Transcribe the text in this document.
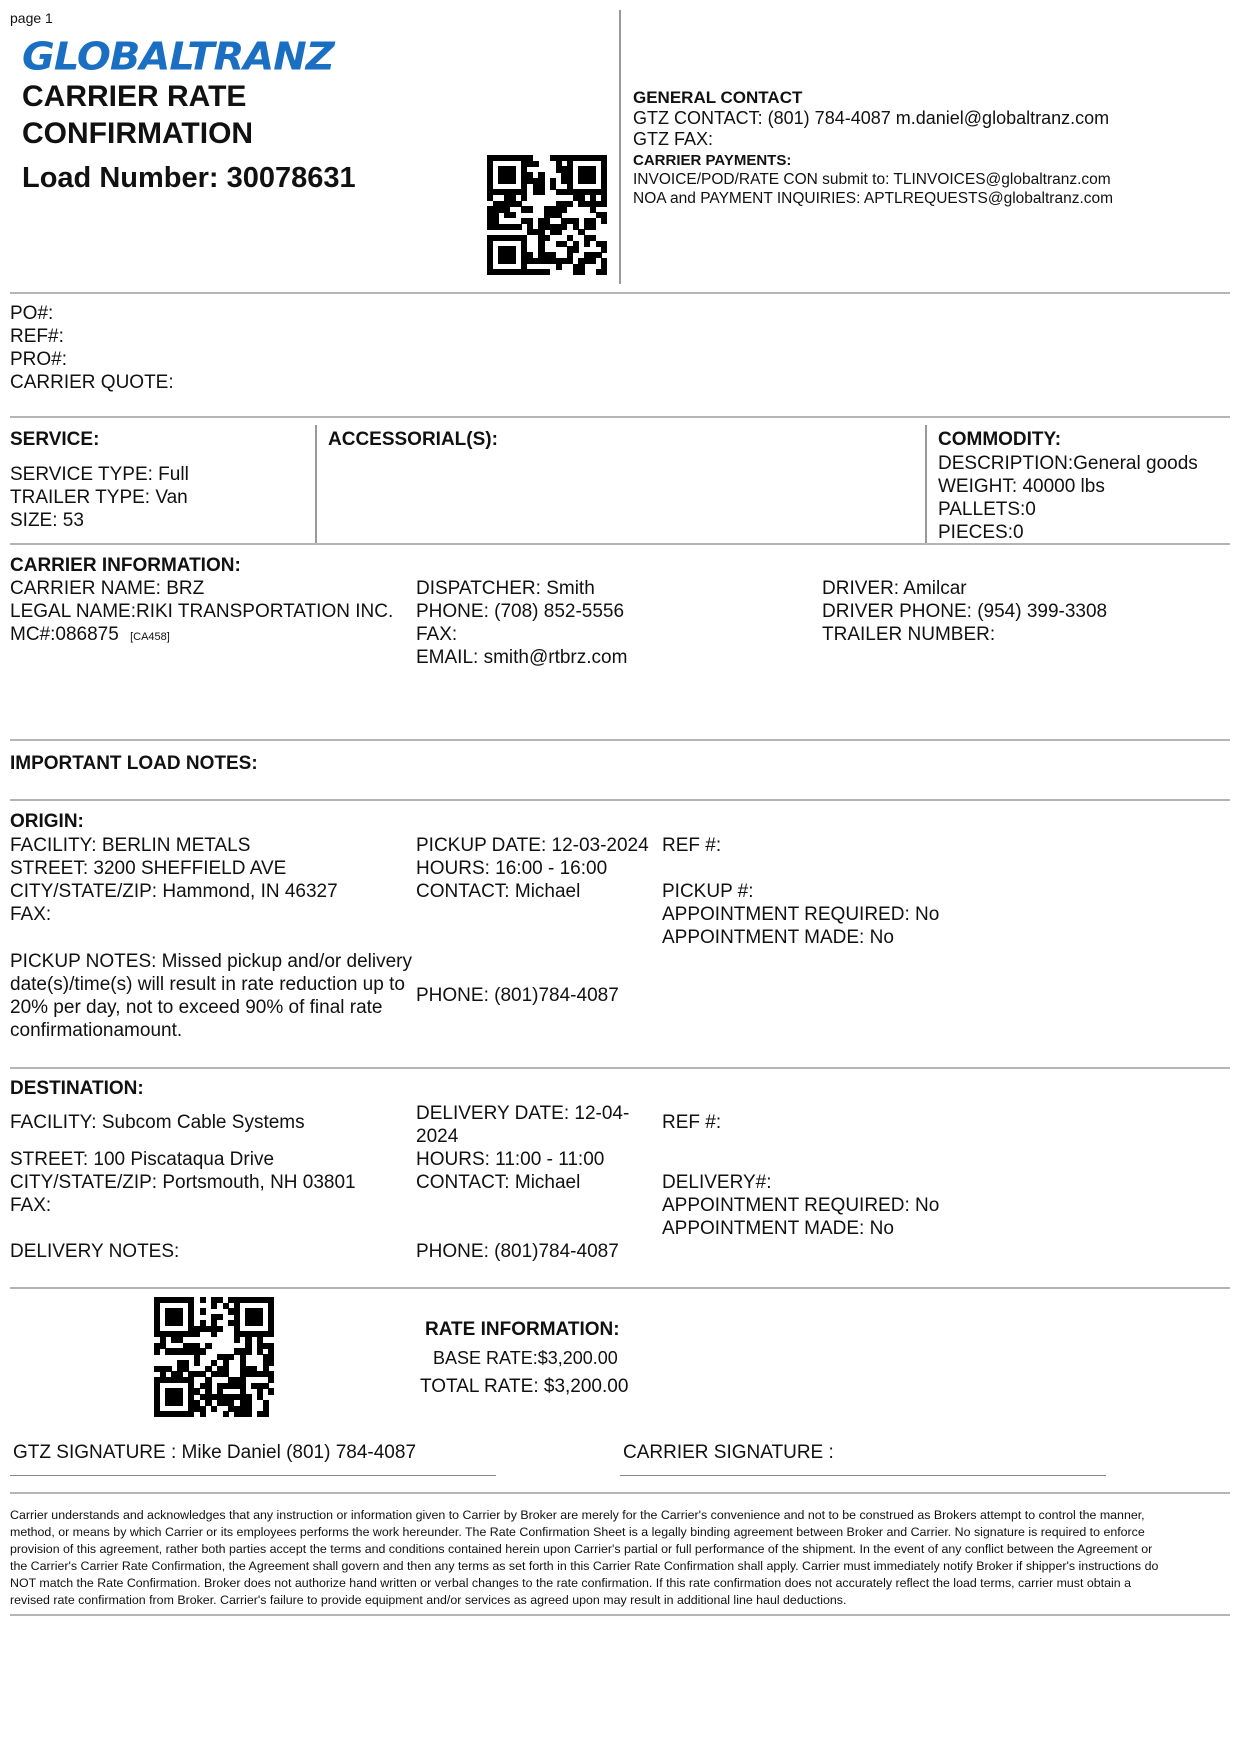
page 1
GLOBALTRANZ
CARRIER RATE
CONFIRMATION
Load Number: 30078631
GENERAL CONTACT
GTZ CONTACT: (801) 784-4087 m.daniel@globaltranz.com
GTZ FAX:
CARRIER PAYMENTS:
INVOICE/POD/RATE CON submit to: TLINVOICES@globaltranz.com
NOA and PAYMENT INQUIRIES: APTLREQUESTS@globaltranz.com
PO#:
REF#:
PRO#:
CARRIER QUOTE:
SERVICE:
SERVICE TYPE: Full
TRAILER TYPE: Van
SIZE: 53
ACCESSORIAL(S):	COMMODITY:
DESCRIPTION:General goods
WEIGHT: 40000 lbs
PALLETS:0
PIECES:0
CARRIER INFORMATION:
CARRIER NAME: BRZ
LEGAL NAME:RIKI TRANSPORTATION INC.
MC#:086875 [CA458]
DISPATCHER: Smith
PHONE: (708) 852-5556
FAX:
EMAIL: smith@rtbrz.com
DRIVER: Amilcar
DRIVER PHONE: (954) 399-3308
TRAILER NUMBER:
IMPORTANT LOAD NOTES:
ORIGIN:
FACILITY: BERLIN METALS
STREET: 3200 SHEFFIELD AVE
CITY/STATE/ZIP: Hammond, IN 46327
FAX:
PICKUP NOTES: Missed pickup and/or delivery
date(s)/time(s) will result in rate reduction up to
20% per day, not to exceed 90% of final rate
confirmationamount.
PICKUP DATE: 12-03-2024
HOURS: 16:00 - 16:00
CONTACT: Michael
PHONE: (801)784-4087
REF #:
PICKUP #:
APPOINTMENT REQUIRED: No
APPOINTMENT MADE: No
DESTINATION:
FACILITY: Subcom Cable Systems
STREET: 100 Piscataqua Drive
CITY/STATE/ZIP: Portsmouth, NH 03801
FAX:
DELIVERY NOTES:
DELIVERY DATE: 12-04-
2024
HOURS: 11:00 - 11:00
CONTACT: Michael
PHONE: (801)784-4087
REF #:
DELIVERY#:
APPOINTMENT REQUIRED: No
APPOINTMENT MADE: No
RATE INFORMATION:
BASE RATE:$3,200.00
TOTAL RATE: $3,200.00
GTZ SIGNATURE : Mike Daniel (801) 784-4087	CARRIER SIGNATURE :
Carrier understands and acknowledges that any instruction or information given to Carrier by Broker are merely for the Carrier's convenience and not to be construed as Brokers attempt to control the manner,
method, or means by which Carrier or its employees performs the work hereunder. The Rate Confirmation Sheet is a legally binding agreement between Broker and Carrier. No signature is required to enforce
provision of this agreement, rather both parties accept the terms and conditions contained herein upon Carrier's partial or full performance of the shipment. In the event of any conflict between the Agreement or
the Carrier's Carrier Rate Confirmation, the Agreement shall govern and then any terms as set forth in this Carrier Rate Confirmation shall apply. Carrier must immediately notify Broker if shipper's instructions do
NOT match the Rate Confirmation. Broker does not authorize hand written or verbal changes to the rate confirmation. If this rate confirmation does not accurately reflect the load terms, carrier must obtain a
revised rate confirmation from Broker. Carrier's failure to provide equipment and/or services as agreed upon may result in additional line haul deductions.
